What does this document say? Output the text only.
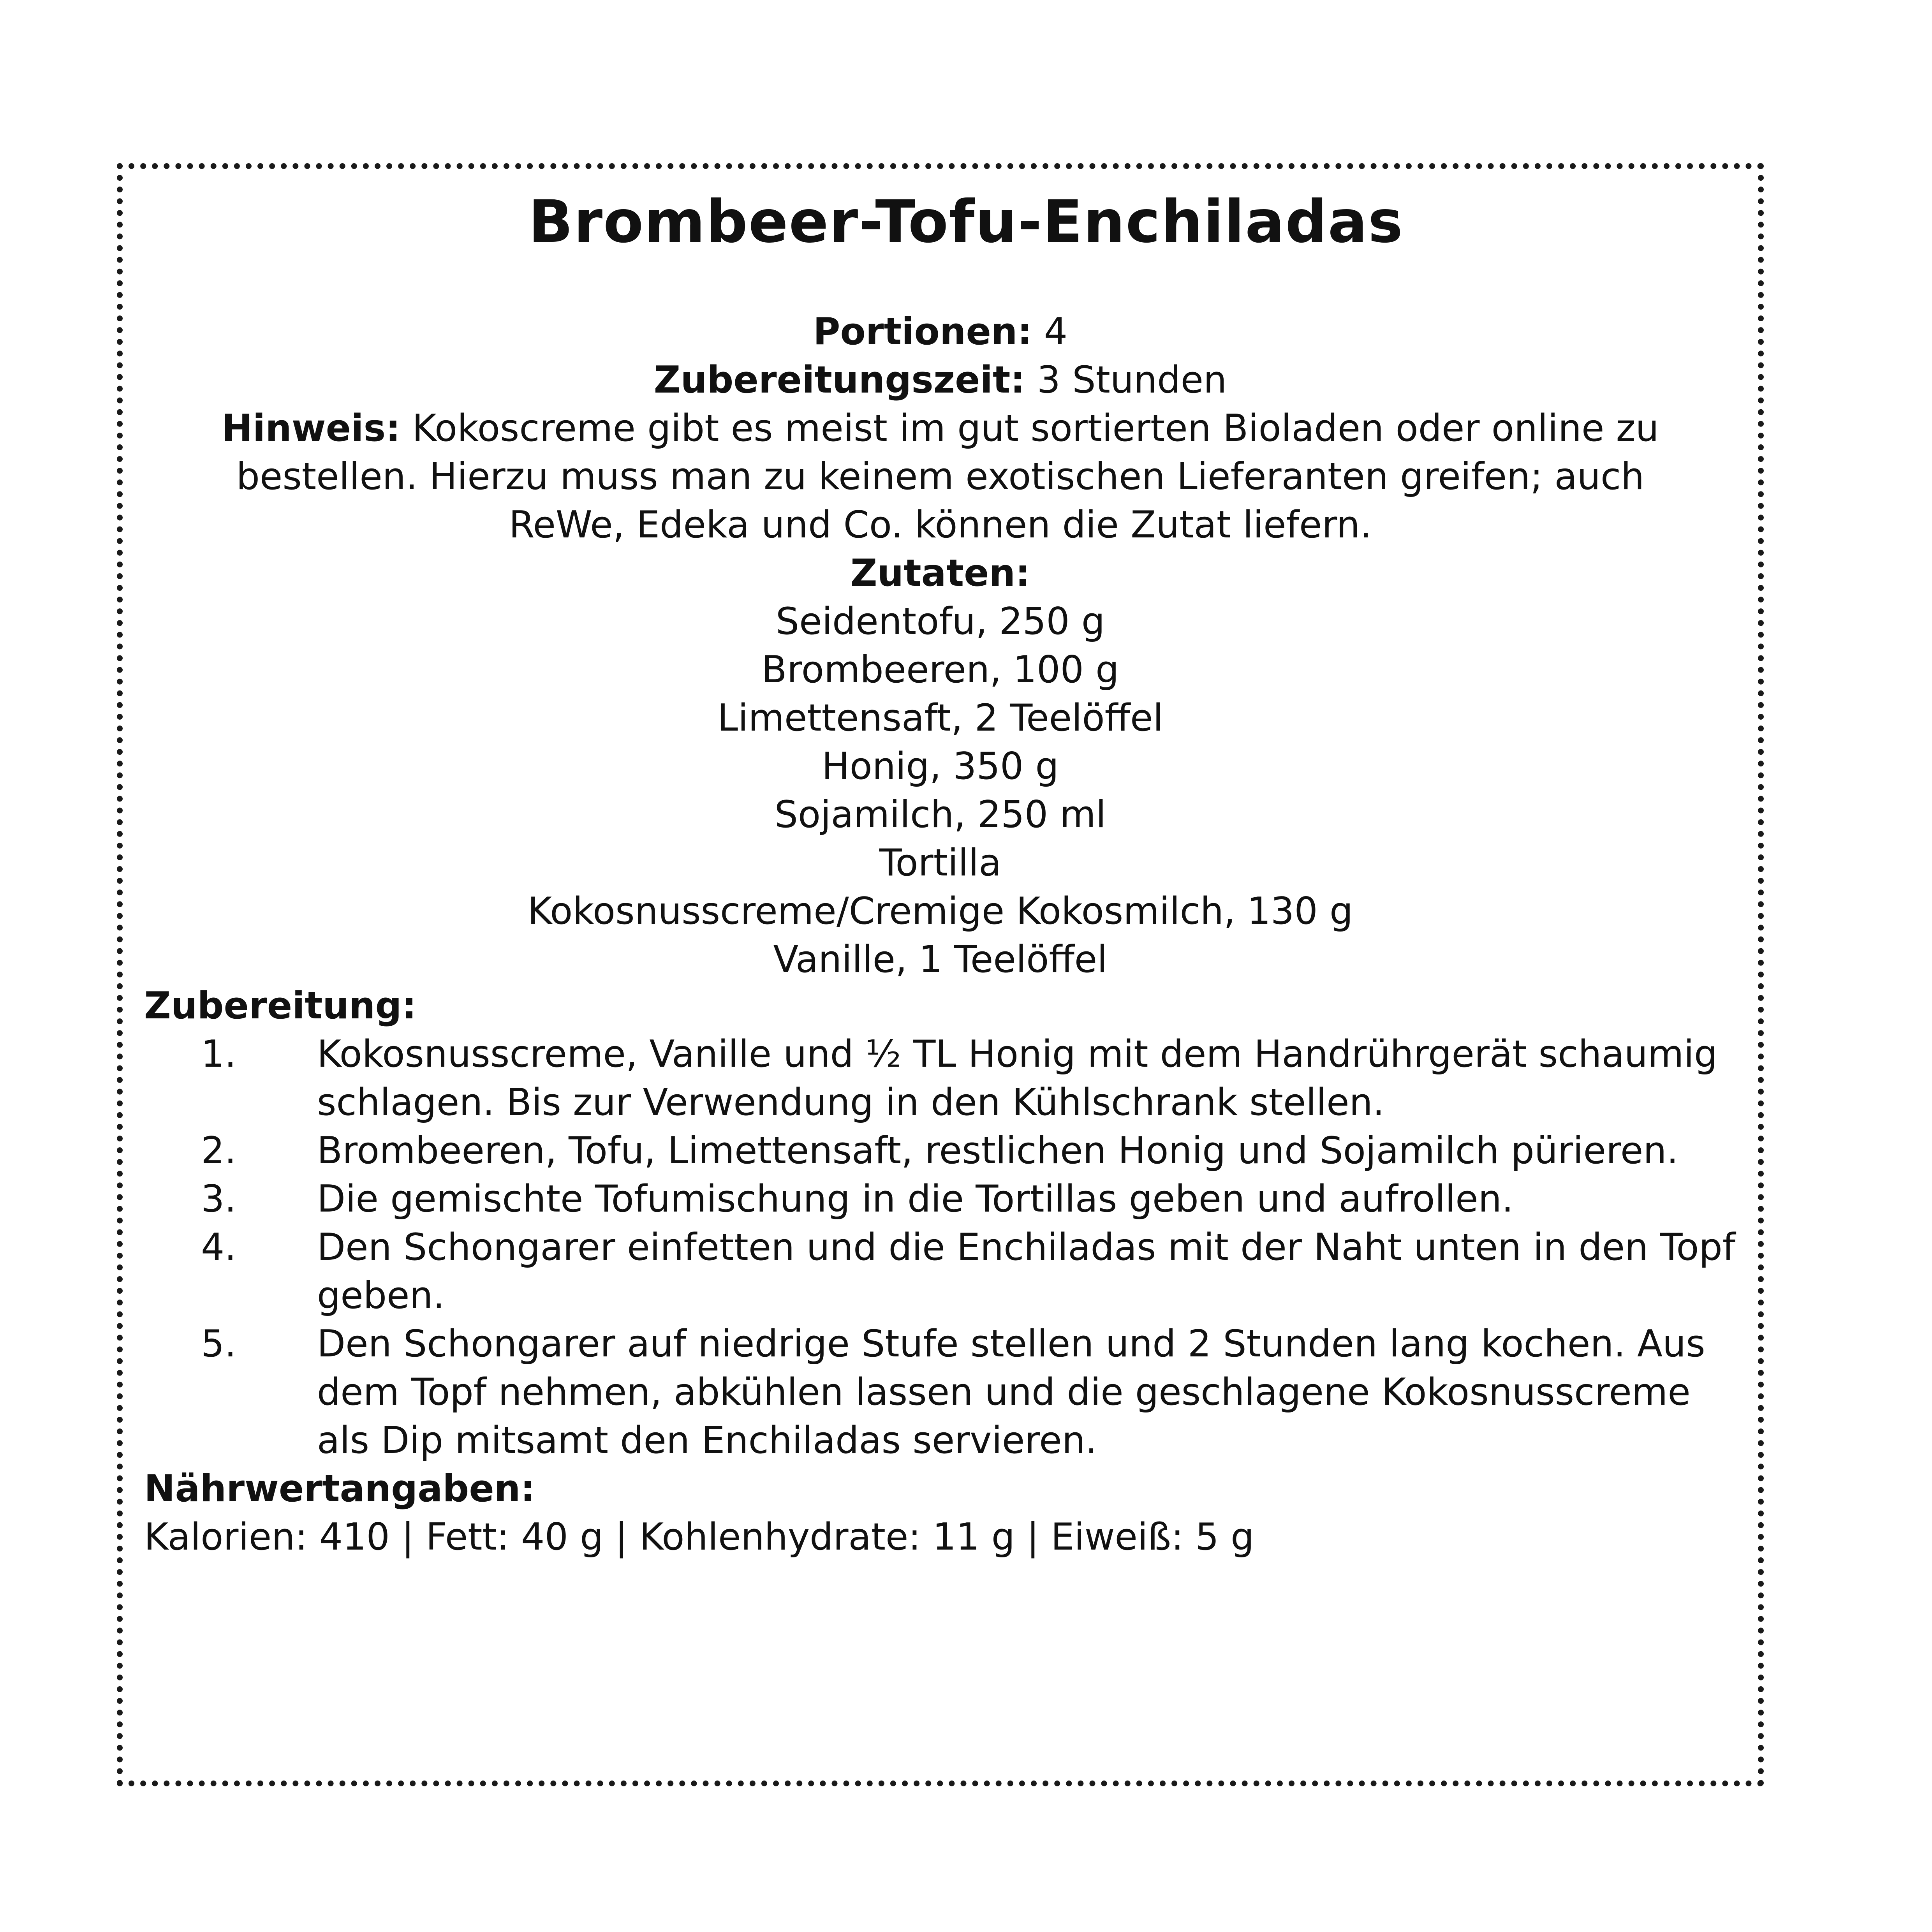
Brombeer-Tofu-Enchiladas
Portionen: 4
Zubereitungszeit: 3 Stunden
Hinweis: Kokoscreme gibt es meist im gut sortierten Bioladen oder online zu bestellen. Hierzu muss man zu keinem exotischen Lieferanten greifen; auch ReWe, Edeka und Co. können die Zutat liefern.
Zutaten:
Seidentofu, 250 g
Brombeeren, 100 g
Limettensaft, 2 Teelöffel
Honig, 350 g
Sojamilch, 250 ml
Tortilla
Kokosnusscreme/Cremige Kokosmilch, 130 g
Vanille, 1 Teelöffel
Zubereitung:
1.	Kokosnusscreme, Vanille und ½ TL Honig mit dem Handrührgerät schaumig schlagen. Bis zur Verwendung in den Kühlschrank stellen.
2.	Brombeeren, Tofu, Limettensaft, restlichen Honig und Sojamilch pürieren.
3.	Die gemischte Tofumischung in die Tortillas geben und aufrollen.
4.	Den Schongarer einfetten und die Enchiladas mit der Naht unten in den Topf geben.
5.	Den Schongarer auf niedrige Stufe stellen und 2 Stunden lang kochen. Aus dem Topf nehmen, abkühlen lassen und die geschlagene Kokosnusscreme als Dip mitsamt den Enchiladas servieren.
Nährwertangaben:
Kalorien: 410 | Fett: 40 g | Kohlenhydrate: 11 g | Eiweiß: 5 g
